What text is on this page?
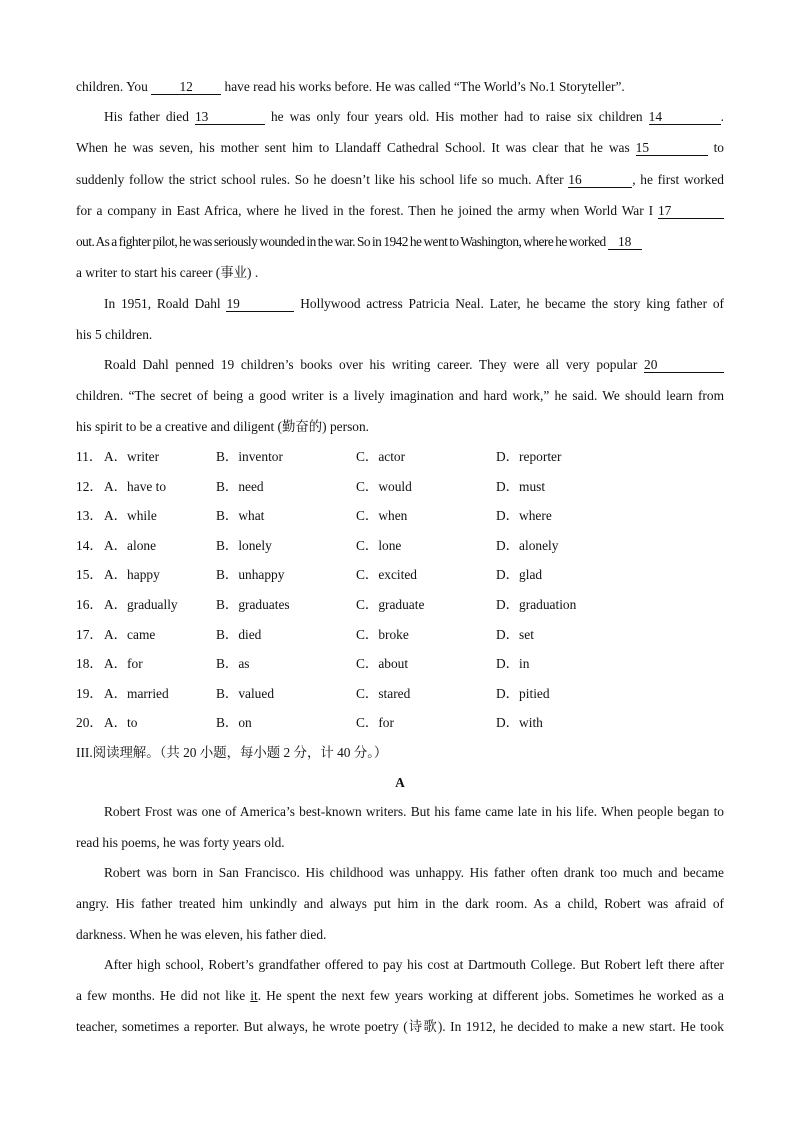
children. You 12 have read his works before. He was called “The World’s No.1 Storyteller”.
His father died 13	he was only four years old. His mother had to raise six children 14	.
When he was seven, his mother sent him to Llandaff Cathedral School. It was clear that he was 15	to
suddenly follow the strict school rules. So he doesn’t like his school life so much. After 16	, he first worked
for a company in East Africa, where he lived in the forest. Then he joined the army when World War I 17
out. As a fighter pilot, he was seriously wounded in the war. So in 1942 he went to Washington, where he worked 18
a writer to start his career (事业) .
In 1951, Roald Dahl 19	Hollywood actress Patricia Neal. Later, he became the story king father of
his 5 children.
Roald Dahl penned 19 children’s books over his writing career. They were all very popular 20
children. “The secret of being a good writer is a lively imagination and hard work,” he said. We should learn from
his spirit to be a creative and diligent (勤奋的) person.
11． A．writer	B．inventor	C．actor	D．reporter
12． A．have to	B．need	C．would	D．must
13． A．while	B．what	C．when	D．where
14． A．alone	B．lonely	C．lone	D．alonely
15． A．happy	B．unhappy	C．excited	D．glad
16． A．gradually	B．graduates	C．graduate	D．graduation
17． A．came	B．died	C．broke	D．set
18． A．for	B．as	C．about	D．in
19． A．married	B．valued	C．stared	D．pitied
20． A．to	B．on	C．for	D．with
III.阅读理解。（共 20 小题，每小题 2 分，计 40 分。）
A
Robert Frost was one of America’s best-known writers. But his fame came late in his life. When people began to
read his poems, he was forty years old.
Robert was born in San Francisco. His childhood was unhappy. His father often drank too much and became
angry. His father treated him unkindly and always put him in the dark room. As a child, Robert was afraid of
darkness. When he was eleven, his father died.
After high school, Robert’s grandfather offered to pay his cost at Dartmouth College. But Robert left there after
a few months. He did not like it. He spent the next few years working at different jobs. Sometimes he worked as a
teacher, sometimes a reporter. But always, he wrote poetry (诗歌). In 1912, he decided to make a new start. He took
